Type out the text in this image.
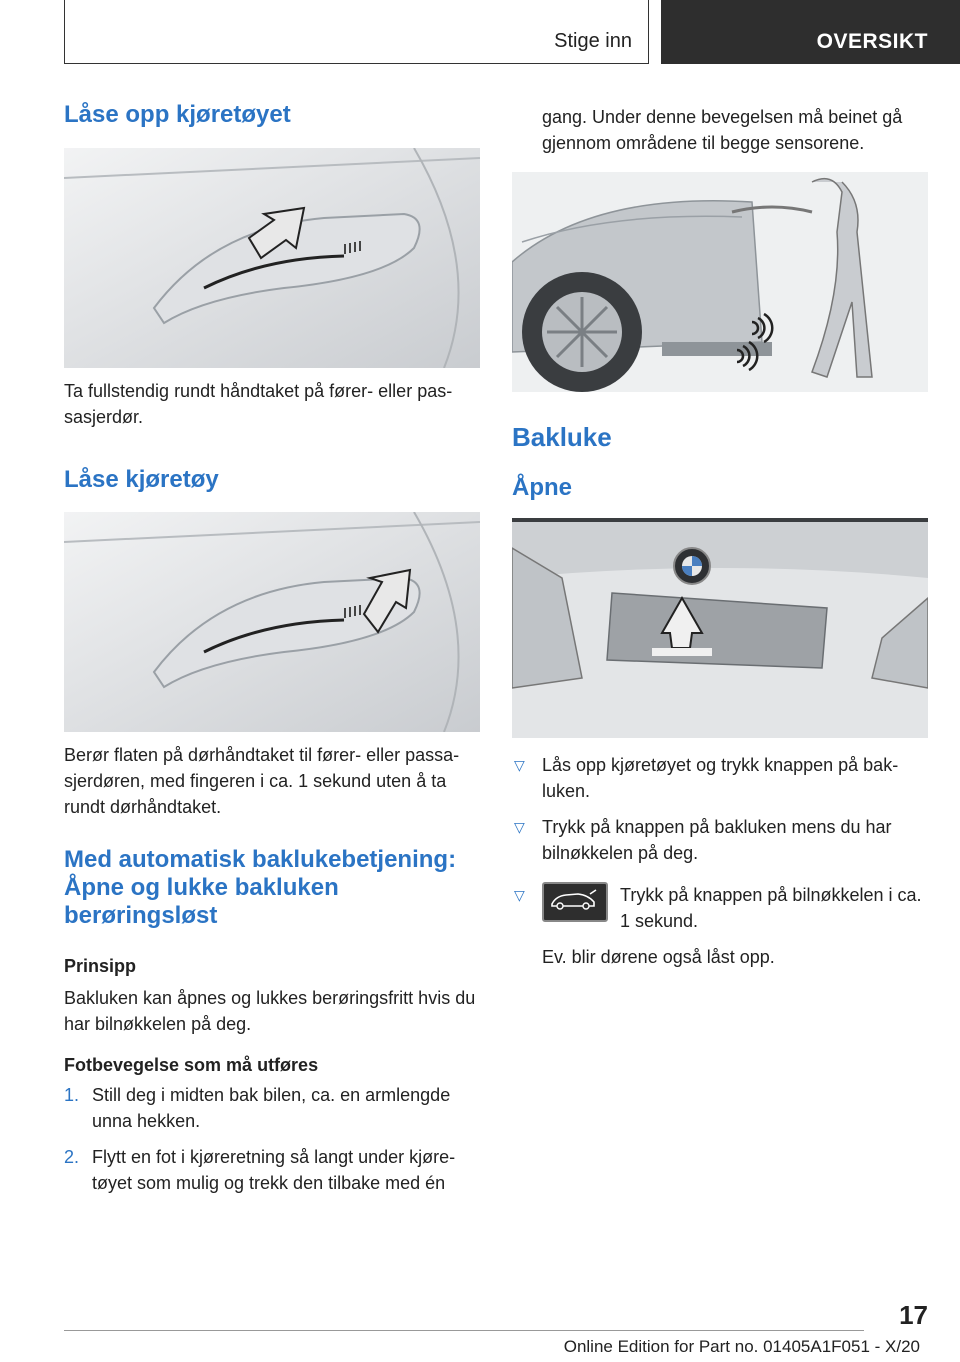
Stige inn	OVERSIKT
Låse opp kjøretøyet

Ta fullstendig rundt håndtaket på fører- eller passasjerdør.

Låse kjøretøy

Berør flaten på dørhåndtaket til fører- eller passasjerdøren, med fingeren i ca. 1 sekund uten å ta rundt dørhåndtaket.

Med automatisk baklukebetjening: Åpne og lukke bakluken berøringsløst
Prinsipp

Bakluken kan åpnes og lukkes berøringsfritt hvis du har bilnøkkelen på deg.

Fotbevegelse som må utføres
1. Still deg i midten bak bilen, ca. en armlengde unna hekken.
2. Flytt en fot i kjøreretning så langt under kjøretøyet som mulig og trekk den tilbake med én

gang. Under denne bevegelsen må beinet gå gjennom områdene til begge sensorene.

Bakluke
Åpne
▽ Lås opp kjøretøyet og trykk knappen på bakluken.
▽ Trykk på knappen på bakluken mens du har bilnøkkelen på deg.
▽	Trykk på knappen på bilnøkkelen i ca. 1 sekund.

Ev. blir dørene også låst opp.

17
Online Edition for Part no. 01405A1F051 - X/20
